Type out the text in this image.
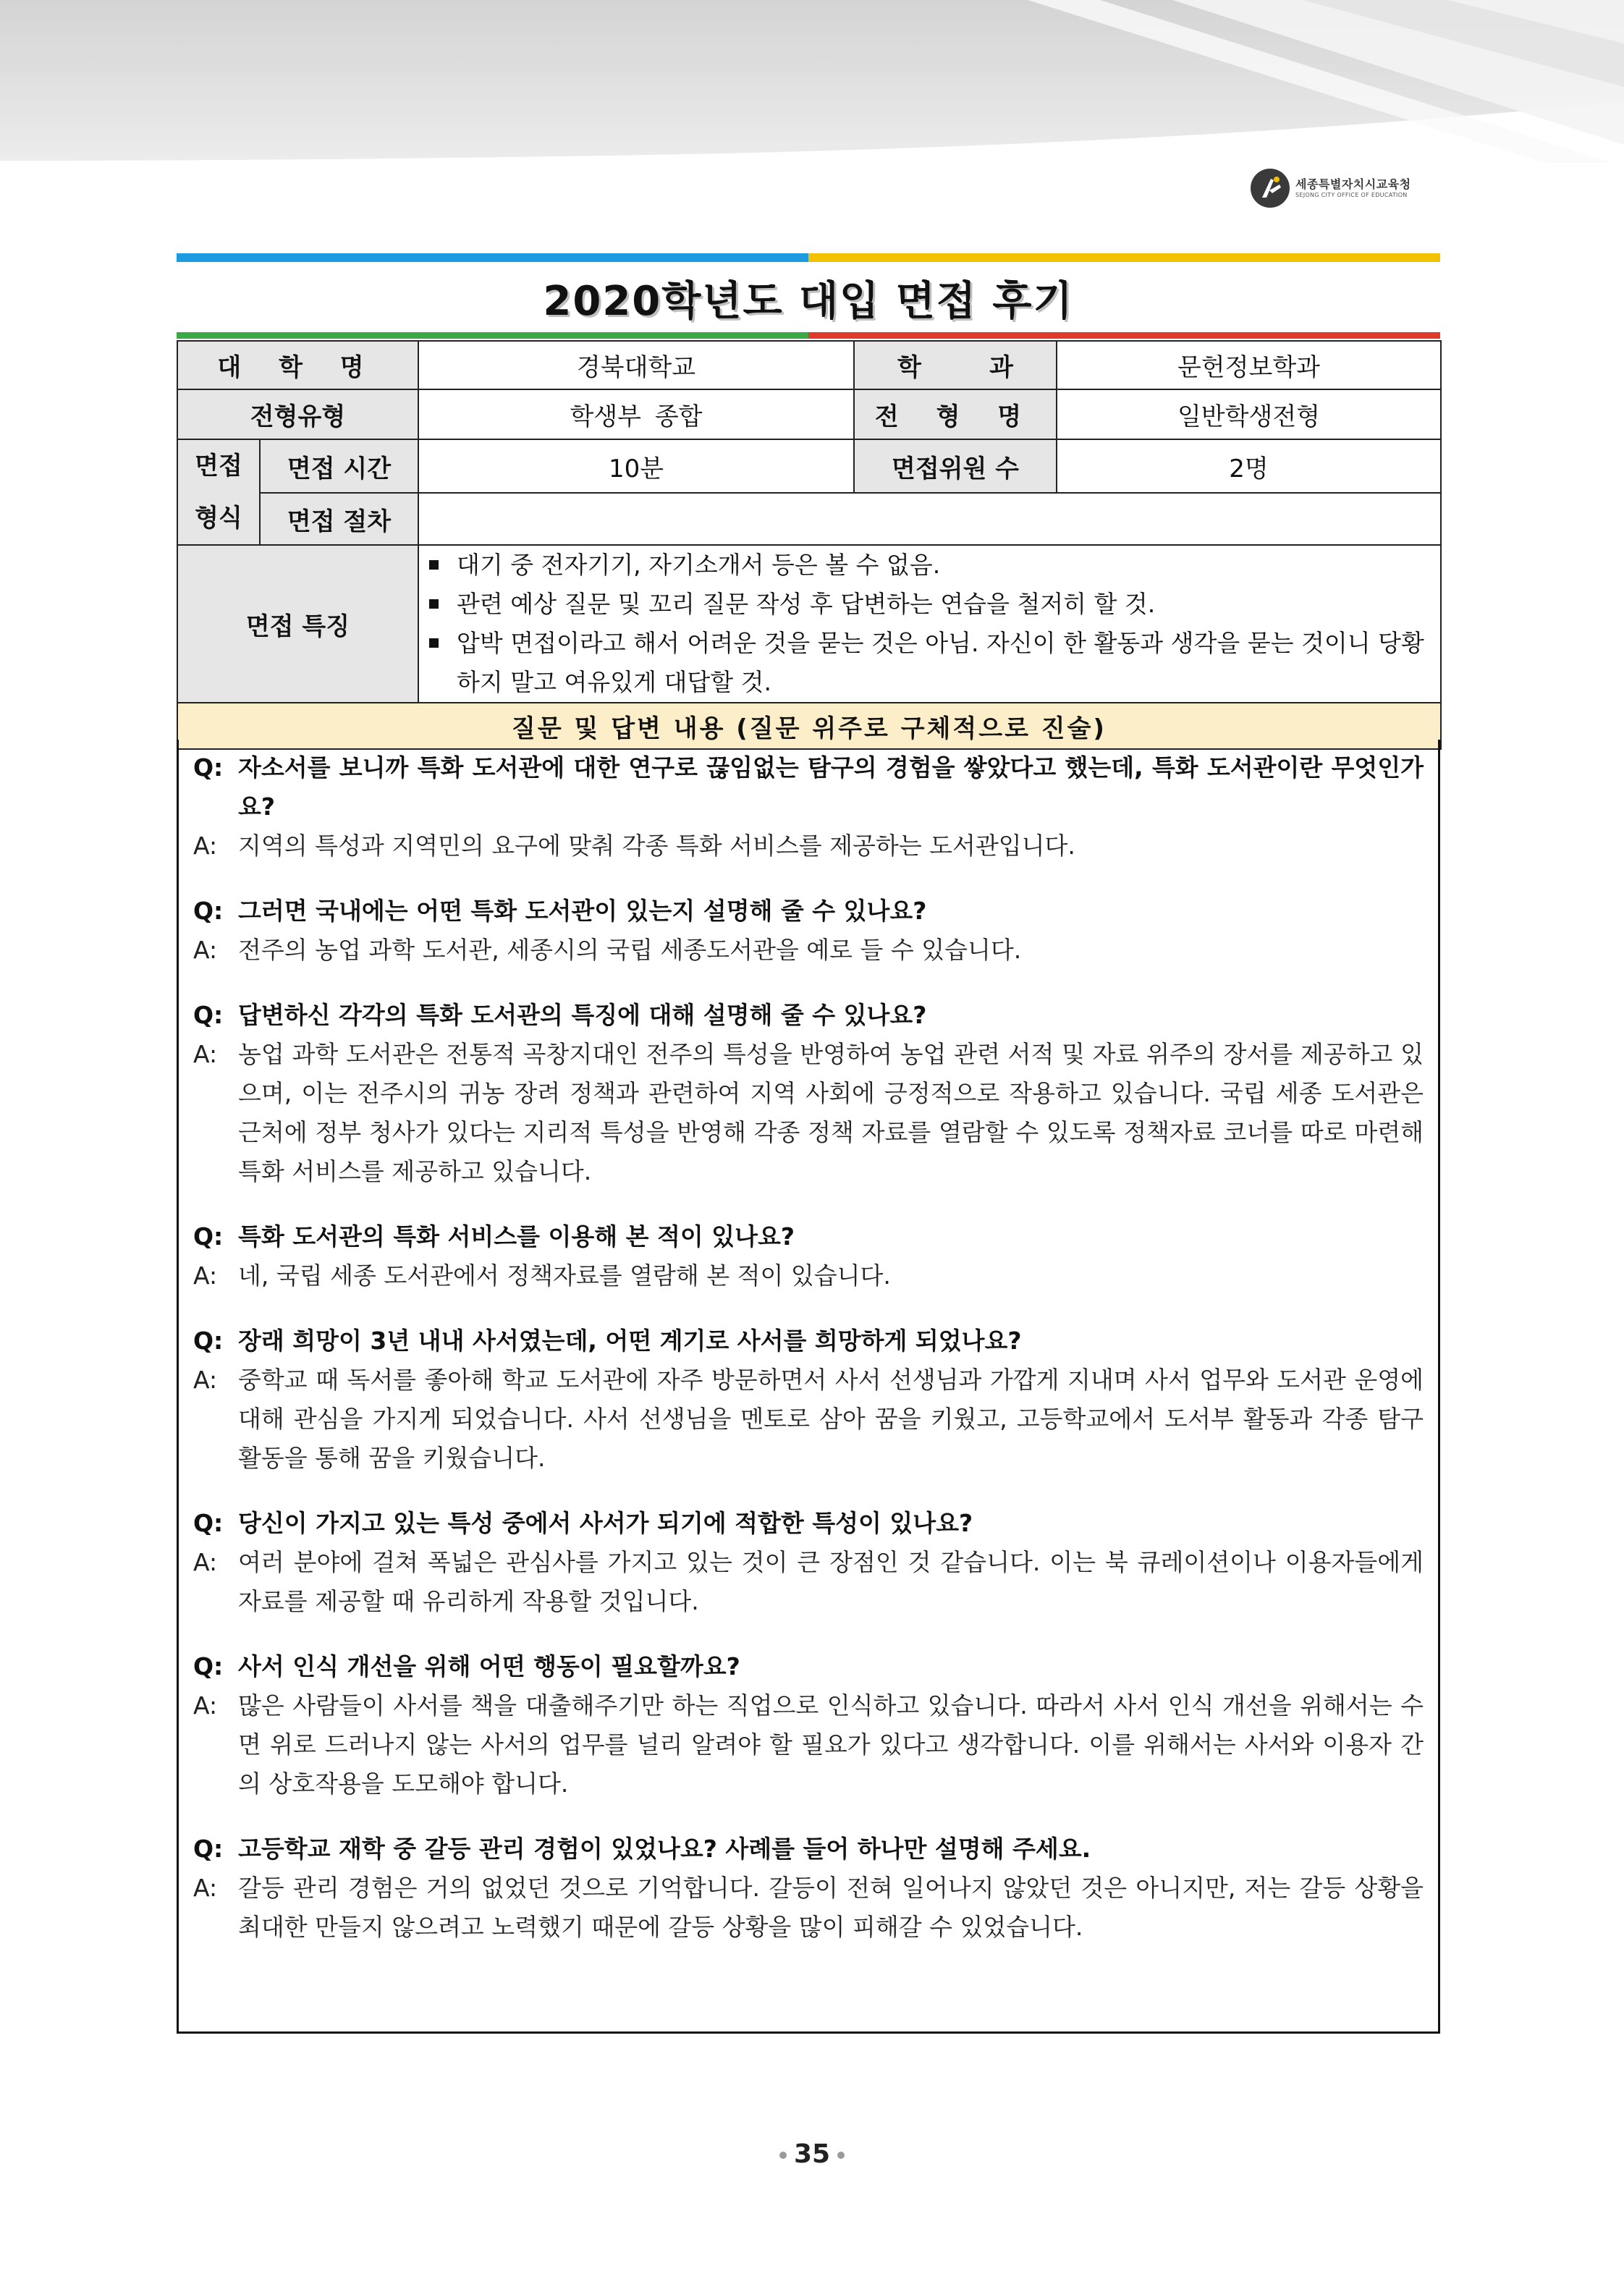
세종특별자치시교육청
SEJONG CITY OFFICE OF EDUCATION
2020학년도 대입 면접 후기
대 학 명		경북대학교	학 과	문헌정보학과
전형유형		학생부 종합	전 형 명	일반학생전형

면접
형식	면접 시간	10분	면접위원 수	2명
	면접 절차			
면접 특징		대기 중 전자기기, 자기소개서 등은 볼 수 없음.
관련 예상 질문 및 꼬리 질문 작성 후 답변하는 연습을 철저히 할 것.
압박 면접이라고 해서 어려운 것을 묻는 것은 아님. 자신이 한 활동과 생각을 묻는 것이니 당황하지 말고 여유있게 대답할 것.		

질문 및 답변 내용 (질문 위주로 구체적으로 진술)				
Q: 자소서를 보니까 특화 도서관에 대한 연구로 끊임없는 탐구의 경험을 쌓았다고 했는데, 특화 도서관이란 무엇인가요?
A: 지역의 특성과 지역민의 요구에 맞춰 각종 특화 서비스를 제공하는 도서관입니다.
Q: 그러면 국내에는 어떤 특화 도서관이 있는지 설명해 줄 수 있나요?
A: 전주의 농업 과학 도서관, 세종시의 국립 세종도서관을 예로 들 수 있습니다.
Q: 답변하신 각각의 특화 도서관의 특징에 대해 설명해 줄 수 있나요?
A: 농업 과학 도서관은 전통적 곡창지대인 전주의 특성을 반영하여 농업 관련 서적 및 자료 위주의 장서를 제공하고 있으며, 이는 전주시의 귀농 장려 정책과 관련하여 지역 사회에 긍정적으로 작용하고 있습니다. 국립 세종 도서관은 근처에 정부 청사가 있다는 지리적 특성을 반영해 각종 정책 자료를 열람할 수 있도록 정책자료 코너를 따로 마련해 특화 서비스를 제공하고 있습니다.
Q: 특화 도서관의 특화 서비스를 이용해 본 적이 있나요?
A: 네, 국립 세종 도서관에서 정책자료를 열람해 본 적이 있습니다.
Q: 장래 희망이 3년 내내 사서였는데, 어떤 계기로 사서를 희망하게 되었나요?
A: 중학교 때 독서를 좋아해 학교 도서관에 자주 방문하면서 사서 선생님과 가깝게 지내며 사서 업무와 도서관 운영에 대해 관심을 가지게 되었습니다. 사서 선생님을 멘토로 삼아 꿈을 키웠고, 고등학교에서 도서부 활동과 각종 탐구 활동을 통해 꿈을 키웠습니다.
Q: 당신이 가지고 있는 특성 중에서 사서가 되기에 적합한 특성이 있나요?
A: 여러 분야에 걸쳐 폭넓은 관심사를 가지고 있는 것이 큰 장점인 것 같습니다. 이는 북 큐레이션이나 이용자들에게 자료를 제공할 때 유리하게 작용할 것입니다.
Q: 사서 인식 개선을 위해 어떤 행동이 필요할까요?
A: 많은 사람들이 사서를 책을 대출해주기만 하는 직업으로 인식하고 있습니다. 따라서 사서 인식 개선을 위해서는 수면 위로 드러나지 않는 사서의 업무를 널리 알려야 할 필요가 있다고 생각합니다. 이를 위해서는 사서와 이용자 간의 상호작용을 도모해야 합니다.
Q: 고등학교 재학 중 갈등 관리 경험이 있었나요? 사례를 들어 하나만 설명해 주세요.
A: 갈등 관리 경험은 거의 없었던 것으로 기억합니다. 갈등이 전혀 일어나지 않았던 것은 아니지만, 저는 갈등 상황을 최대한 만들지 않으려고 노력했기 때문에 갈등 상황을 많이 피해갈 수 있었습니다.
35
